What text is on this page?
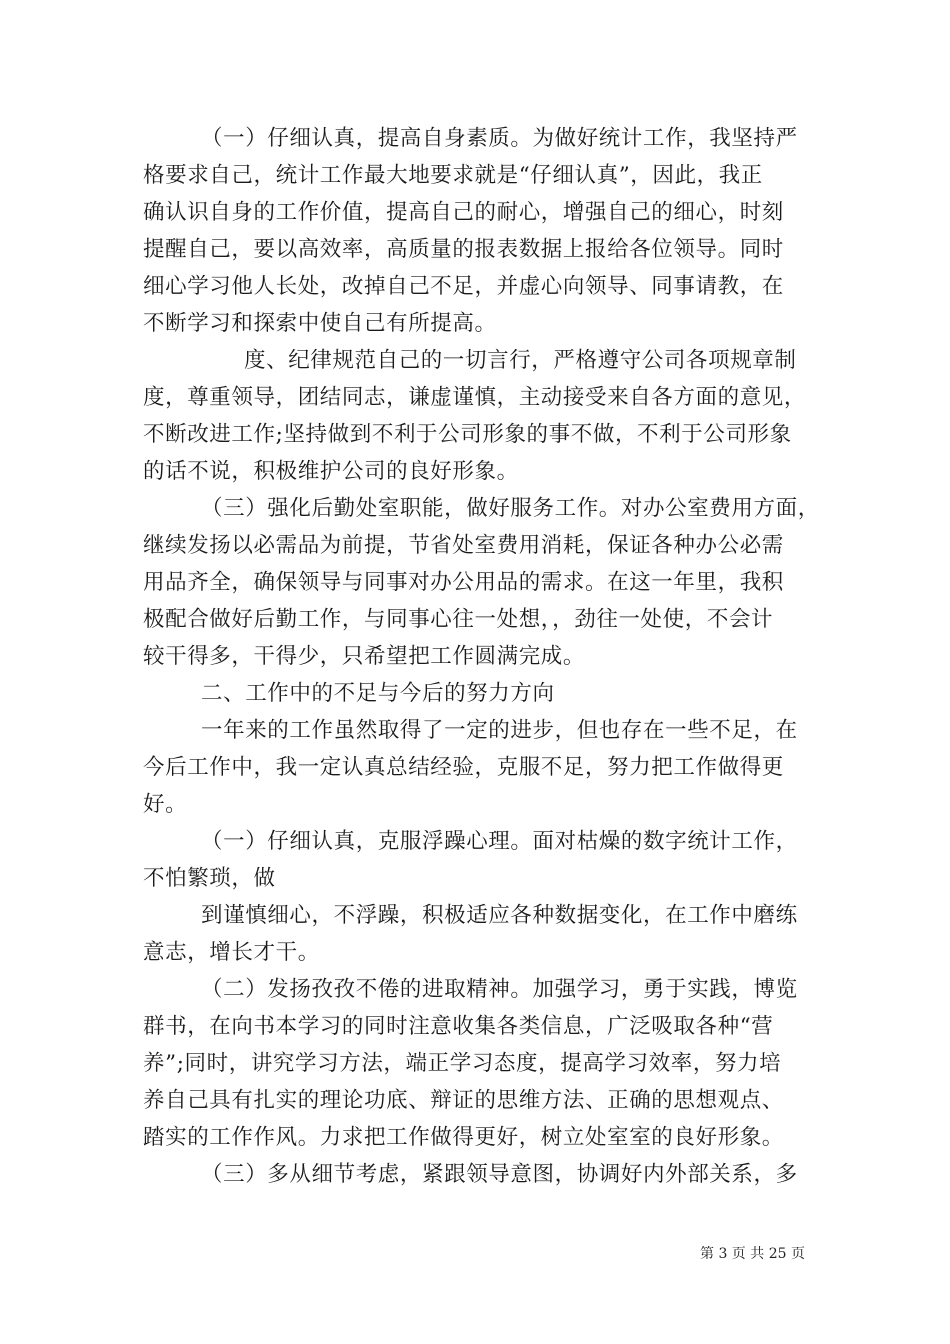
（一）仔细认真，提高自身素质。为做好统计工作，我坚持严
格要求自己，统计工作最大地要求就是“仔细认真”，因此，我正
确认识自身的工作价值，提高自己的耐心，增强自己的细心，时刻
提醒自己，要以高效率，高质量的报表数据上报给各位领导。同时
细心学习他人长处，改掉自己不足，并虚心向领导、同事请教，在
不断学习和探索中使自己有所提高。
度、纪律规范自己的一切言行，严格遵守公司各项规章制
度，尊重领导，团结同志，谦虚谨慎，主动接受来自各方面的意见，
不断改进工作;坚持做到不利于公司形象的事不做，不利于公司形象
的话不说，积极维护公司的良好形象。
（三）强化后勤处室职能，做好服务工作。对办公室费用方面，
继续发扬以必需品为前提，节省处室费用消耗，保证各种办公必需
用品齐全，确保领导与同事对办公用品的需求。在这一年里，我积
极配合做好后勤工作，与同事心往一处想，，劲往一处使，不会计
较干得多，干得少，只希望把工作圆满完成。
二、工作中的不足与今后的努力方向
一年来的工作虽然取得了一定的进步，但也存在一些不足，在
今后工作中，我一定认真总结经验，克服不足，努力把工作做得更
好。
（一）仔细认真，克服浮躁心理。面对枯燥的数字统计工作，
不怕繁琐，做
到谨慎细心，不浮躁，积极适应各种数据变化，在工作中磨练
意志，增长才干。
（二）发扬孜孜不倦的进取精神。加强学习，勇于实践，博览
群书，在向书本学习的同时注意收集各类信息，广泛吸取各种“营
养”;同时，讲究学习方法，端正学习态度，提高学习效率，努力培
养自己具有扎实的理论功底、辩证的思维方法、正确的思想观点、
踏实的工作作风。力求把工作做得更好，树立处室室的良好形象。
（三）多从细节考虑，紧跟领导意图，协调好内外部关系，多
第 3 页 共 25 页
